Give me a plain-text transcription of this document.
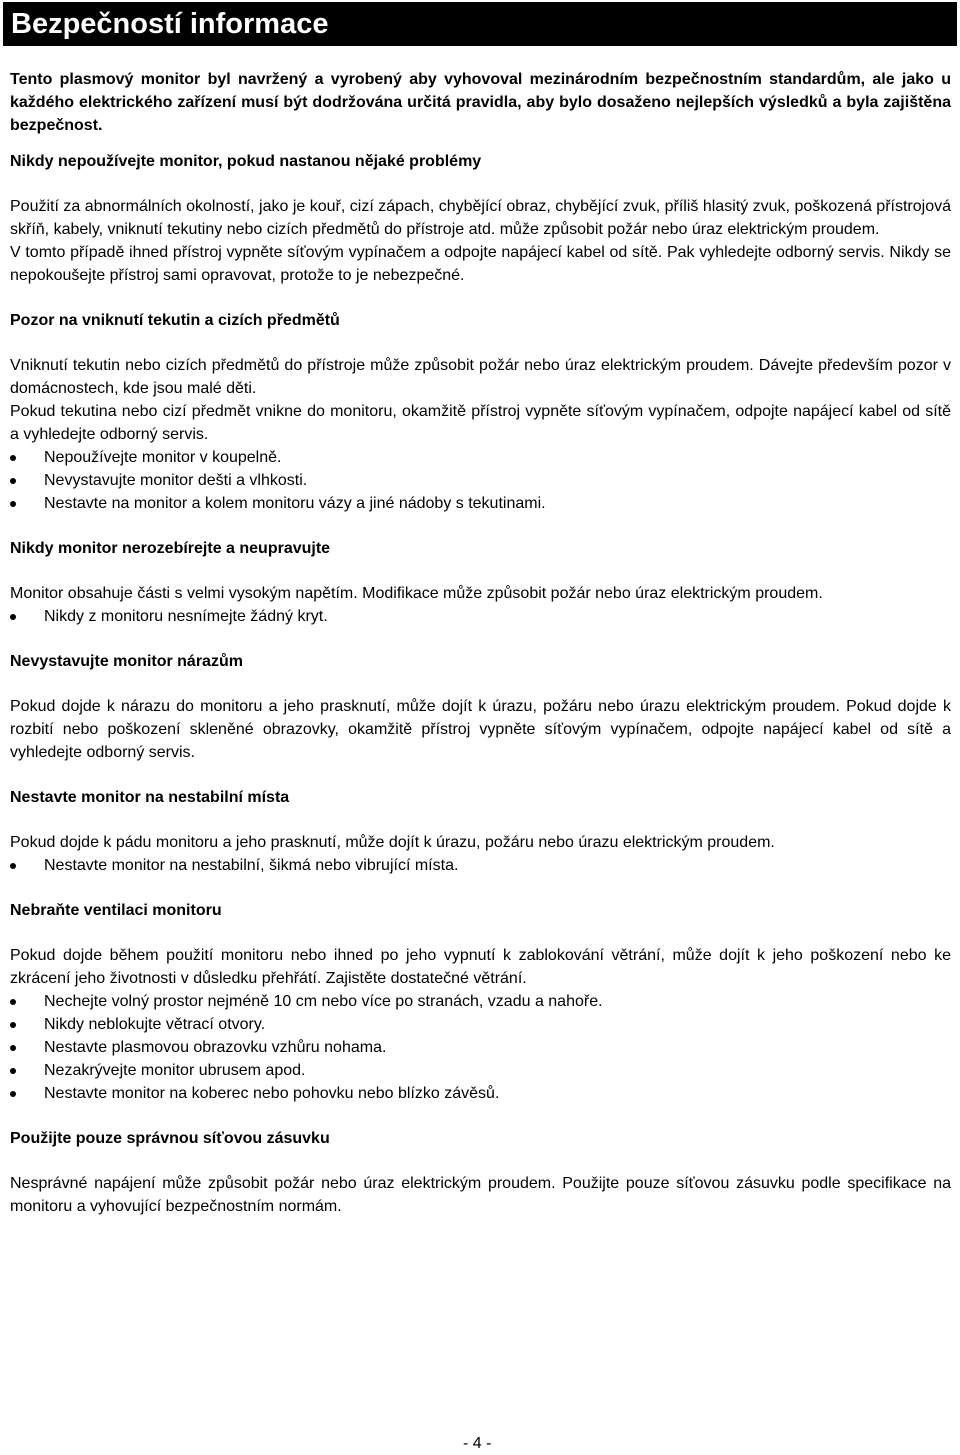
Bezpečností informace

Tento plasmový monitor byl navržený a vyrobený aby vyhovoval mezinárodním bezpečnostním standardům, ale jako u každého elektrického zařízení musí být dodržována určitá pravidla, aby bylo dosaženo nejlepších výsledků a byla zajištěna bezpečnost.

Nikdy nepoužívejte monitor, pokud nastanou nějaké problémy

Použití za abnormálních okolností, jako je kouř, cizí zápach, chybějící obraz, chybějící zvuk, příliš hlasitý zvuk, poškozená přístrojová skříň, kabely, vniknutí tekutiny nebo cizích předmětů do přístroje atd. může způsobit požár nebo úraz elektrickým proudem.

V tomto případě ihned přístroj vypněte síťovým vypínačem a odpojte napájecí kabel od sítě. Pak vyhledejte odborný servis. Nikdy se nepokoušejte přístroj sami opravovat, protože to je nebezpečné.

Pozor na vniknutí tekutin a cizích předmětů

Vniknutí tekutin nebo cizích předmětů do přístroje může způsobit požár nebo úraz elektrickým proudem. Dávejte především pozor v domácnostech, kde jsou malé děti.

Pokud tekutina nebo cizí předmět vnikne do monitoru, okamžitě přístroj vypněte síťovým vypínačem, odpojte napájecí kabel od sítě a vyhledejte odborný servis.

Nepoužívejte monitor v koupelně.
Nevystavujte monitor dešti a vlhkosti.
Nestavte na monitor a kolem monitoru vázy a jiné nádoby s tekutinami.

Nikdy monitor nerozebírejte a neupravujte

Monitor obsahuje části s velmi vysokým napětím. Modifikace může způsobit požár nebo úraz elektrickým proudem.

Nikdy z monitoru nesnímejte žádný kryt.

Nevystavujte monitor nárazům

Pokud dojde k nárazu do monitoru a jeho prasknutí, může dojít k úrazu, požáru nebo úrazu elektrickým proudem. Pokud dojde k rozbití nebo poškození skleněné obrazovky, okamžitě přístroj vypněte síťovým vypínačem, odpojte napájecí kabel od sítě a vyhledejte odborný servis.

Nestavte monitor na nestabilní místa

Pokud dojde k pádu monitoru a jeho prasknutí, může dojít k úrazu, požáru nebo úrazu elektrickým proudem.

Nestavte monitor na nestabilní, šikmá nebo vibrující místa.

Nebraňte ventilaci monitoru

Pokud dojde během použití monitoru nebo ihned po jeho vypnutí k zablokování větrání, může dojít k jeho poškození nebo ke zkrácení jeho životnosti v důsledku přehřátí. Zajistěte dostatečné větrání.

Nechejte volný prostor nejméně 10 cm nebo více po stranách, vzadu a nahoře.
Nikdy neblokujte větrací otvory.
Nestavte plasmovou obrazovku vzhůru nohama.
Nezakrývejte monitor ubrusem apod.
Nestavte monitor na koberec nebo pohovku nebo blízko závěsů.

Použijte pouze správnou síťovou zásuvku

Nesprávné napájení může způsobit požár nebo úraz elektrickým proudem. Použijte pouze síťovou zásuvku podle specifikace na monitoru a vyhovující bezpečnostním normám.

- 4 -
